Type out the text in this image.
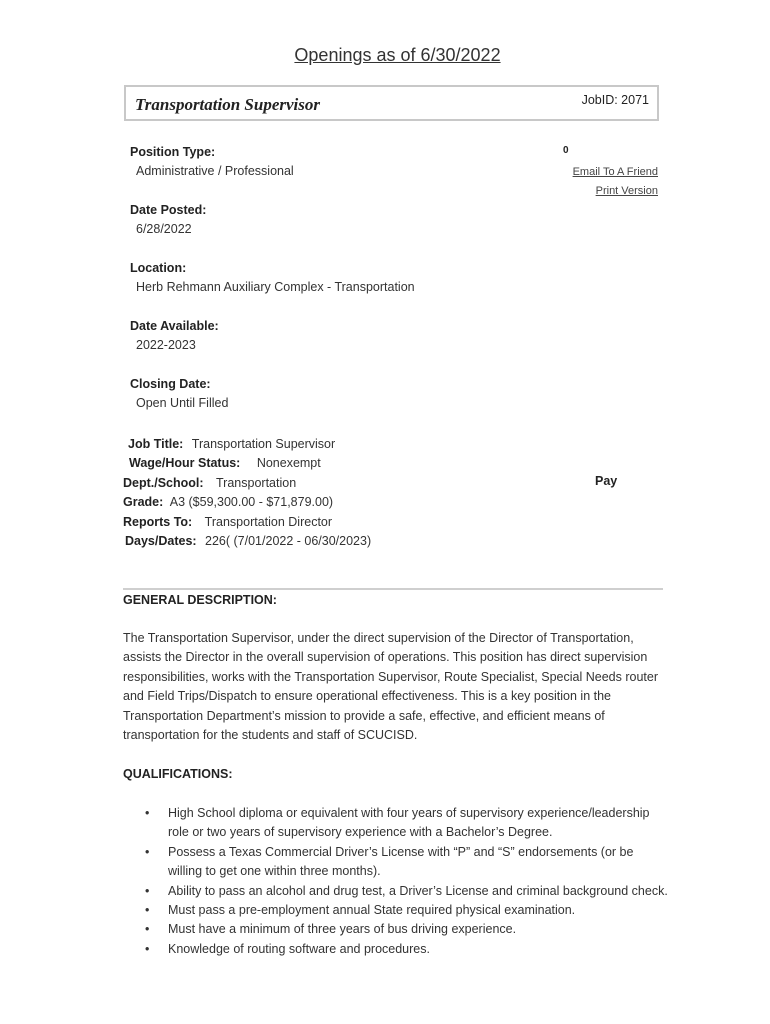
Openings as of 6/30/2022
Transportation Supervisor	JobID: 2071
0
Email To A Friend
Print Version
Position Type:
Administrative / Professional
Date Posted:
6/28/2022
Location:
Herb Rehmann Auxiliary Complex - Transportation
Date Available:
2022-2023
Closing Date:
Open Until Filled
Job Title: Transportation Supervisor
Wage/Hour Status: Nonexempt
Dept./School: Transportation	Pay
Grade: A3 ($59,300.00 - $71,879.00)
Reports To: Transportation Director
Days/Dates: 226( (7/01/2022 - 06/30/2023)
GENERAL DESCRIPTION:
The Transportation Supervisor, under the direct supervision of the Director of Transportation, assists the Director in the overall supervision of operations. This position has direct supervision responsibilities, works with the Transportation Supervisor, Route Specialist, Special Needs router and Field Trips/Dispatch to ensure operational effectiveness. This is a key position in the Transportation Department’s mission to provide a safe, effective, and efficient means of transportation for the students and staff of SCUCISD.
QUALIFICATIONS:
• High School diploma or equivalent with four years of supervisory experience/leadership role or two years of supervisory experience with a Bachelor’s Degree.
• Possess a Texas Commercial Driver’s License with “P” and “S” endorsements (or be willing to get one within three months).
• Ability to pass an alcohol and drug test, a Driver’s License and criminal background check.
• Must pass a pre-employment annual State required physical examination.
• Must have a minimum of three years of bus driving experience.
• Knowledge of routing software and procedures.
